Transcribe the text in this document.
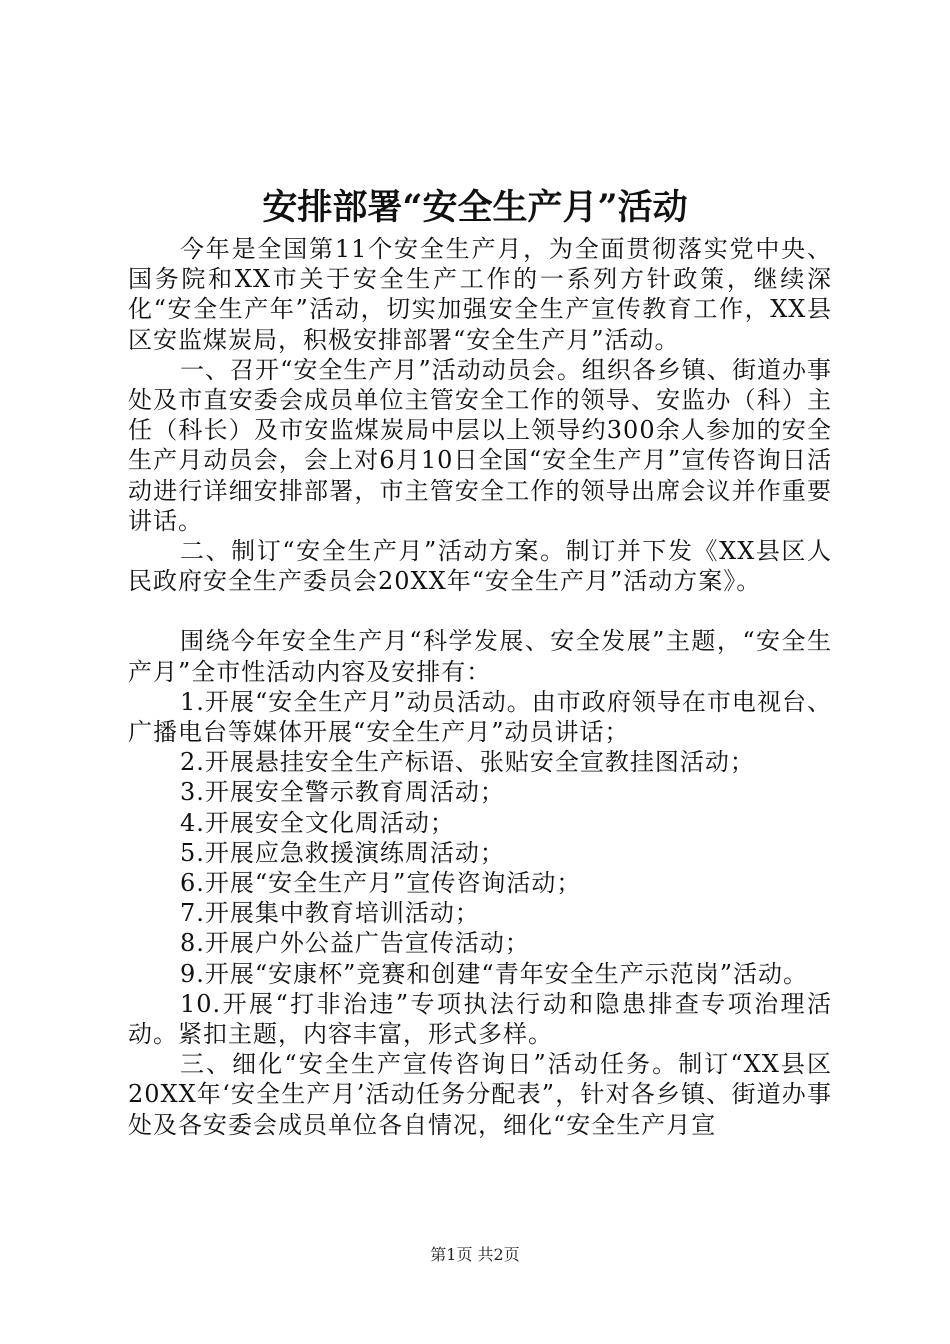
安排部署“安全生产月”活动

今年是全国第11个安全生产月，为全面贯彻落实党中央、国务院和XX市关于安全生产工作的一系列方针政策，继续深化“安全生产年”活动，切实加强安全生产宣传教育工作，XX县区安监煤炭局，积极安排部署“安全生产月”活动。

一、召开“安全生产月”活动动员会。组织各乡镇、街道办事处及市直安委会成员单位主管安全工作的领导、安监办（科）主任（科长）及市安监煤炭局中层以上领导约300余人参加的安全生产月动员会，会上对6月10日全国“安全生产月”宣传咨询日活动进行详细安排部署，市主管安全工作的领导出席会议并作重要讲话。

二、制订“安全生产月”活动方案。制订并下发《XX县区人民政府安全生产委员会20XX年“安全生产月”活动方案》。

围绕今年安全生产月“科学发展、安全发展”主题，“安全生产月”全市性活动内容及安排有：

1.开展“安全生产月”动员活动。由市政府领导在市电视台、广播电台等媒体开展“安全生产月”动员讲话；

2.开展悬挂安全生产标语、张贴安全宣教挂图活动；

3.开展安全警示教育周活动；

4.开展安全文化周活动；

5.开展应急救援演练周活动；

6.开展“安全生产月”宣传咨询活动；

7.开展集中教育培训活动；

8.开展户外公益广告宣传活动；

9.开展“安康杯”竞赛和创建“青年安全生产示范岗”活动。

10.开展“打非治违”专项执法行动和隐患排查专项治理活动。紧扣主题，内容丰富，形式多样。

三、细化“安全生产宣传咨询日”活动任务。制订“XX县区20XX年‘安全生产月’活动任务分配表”，针对各乡镇、街道办事处及各安委会成员单位各自情况，细化“安全生产月宣

第1页 共2页
